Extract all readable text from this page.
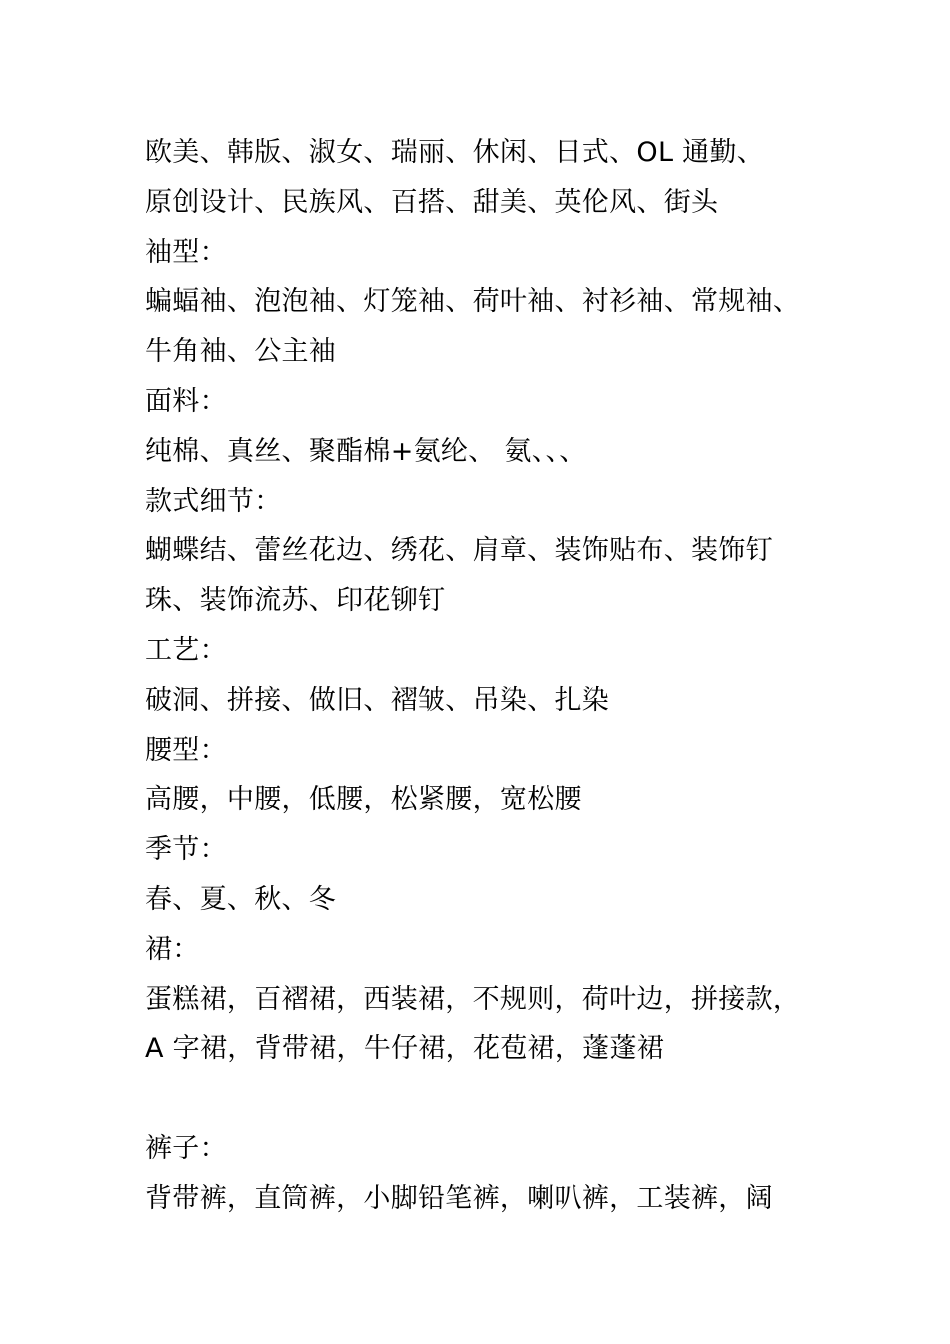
欧美、韩版、淑女、瑞丽、休闲、日式、OL 通勤、
原创设计、民族风、百搭、甜美、英伦风、街头
袖型：
蝙蝠袖、泡泡袖、灯笼袖、荷叶袖、衬衫袖、常规袖、
牛角袖、公主袖
面料：
纯棉、真丝、聚酯棉+氨纶、 氨、、、
款式细节：
蝴蝶结、蕾丝花边、绣花、肩章、装饰贴布、装饰钉
珠、装饰流苏、印花铆钉
工艺：
破洞、拼接、做旧、褶皱、吊染、扎染
腰型：
高腰，中腰，低腰，松紧腰，宽松腰
季节：
春、夏、秋、冬
裙：
蛋糕裙，百褶裙，西装裙，不规则，荷叶边，拼接款，
A 字裙，背带裙，牛仔裙，花苞裙，蓬蓬裙
裤子：
背带裤，直筒裤，小脚铅笔裤，喇叭裤，工装裤，阔
